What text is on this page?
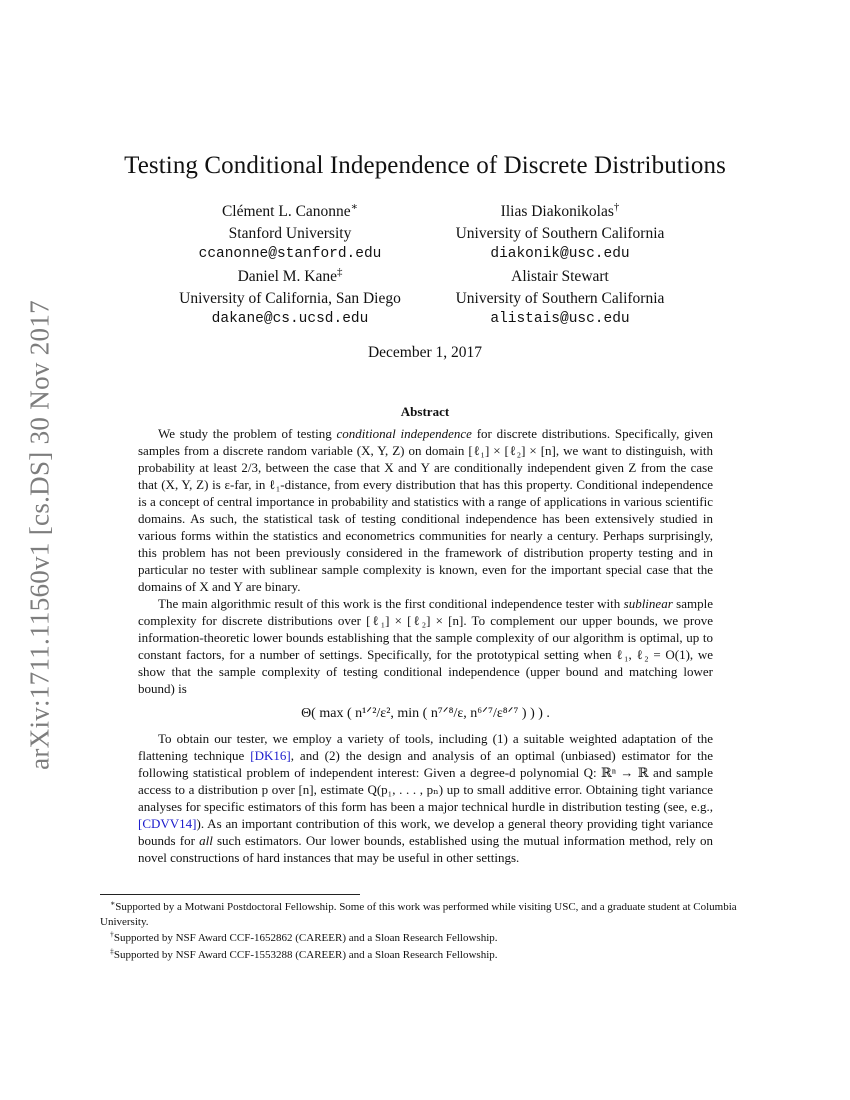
arXiv:1711.11560v1 [cs.DS] 30 Nov 2017
Testing Conditional Independence of Discrete Distributions
Clément L. Canonne∗
Stanford University
ccanonne@stanford.edu
Ilias Diakonikolas†
University of Southern California
diakonik@usc.edu
Daniel M. Kane‡
University of California, San Diego
dakane@cs.ucsd.edu
Alistair Stewart
University of Southern California
alistais@usc.edu
December 1, 2017
Abstract

We study the problem of testing conditional independence for discrete distributions. Specifically, given samples from a discrete random variable (X, Y, Z) on domain [ℓ₁] × [ℓ₂] × [n], we want to distinguish, with probability at least 2/3, between the case that X and Y are conditionally independent given Z from the case that (X, Y, Z) is ε-far, in ℓ₁-distance, from every distribution that has this property. Conditional independence is a concept of central importance in probability and statistics with a range of applications in various scientific domains. As such, the statistical task of testing conditional independence has been extensively studied in various forms within the statistics and econometrics communities for nearly a century. Perhaps surprisingly, this problem has not been previously considered in the framework of distribution property testing and in particular no tester with sublinear sample complexity is known, even for the important special case that the domains of X and Y are binary.

The main algorithmic result of this work is the first conditional independence tester with sublinear sample complexity for discrete distributions over [ℓ₁] × [ℓ₂] × [n]. To complement our upper bounds, we prove information-theoretic lower bounds establishing that the sample complexity of our algorithm is optimal, up to constant factors, for a number of settings. Specifically, for the prototypical setting when ℓ₁, ℓ₂ = O(1), we show that the sample complexity of testing conditional independence (upper bound and matching lower bound) is

Θ( max ( n¹ᐟ²/ε², min ( n⁷ᐟ⁸/ε, n⁶ᐟ⁷/ε⁸ᐟ⁷ ) ) ) .

To obtain our tester, we employ a variety of tools, including (1) a suitable weighted adaptation of the flattening technique [DK16], and (2) the design and analysis of an optimal (unbiased) estimator for the following statistical problem of independent interest: Given a degree-d polynomial Q: ℝⁿ → ℝ and sample access to a distribution p over [n], estimate Q(p₁, . . . , pₙ) up to small additive error. Obtaining tight variance analyses for specific estimators of this form has been a major technical hurdle in distribution testing (see, e.g., [CDVV14]). As an important contribution of this work, we develop a general theory providing tight variance bounds for all such estimators. Our lower bounds, established using the mutual information method, rely on novel constructions of hard instances that may be useful in other settings.

∗Supported by a Motwani Postdoctoral Fellowship. Some of this work was performed while visiting USC, and a graduate student at Columbia University.

†Supported by NSF Award CCF-1652862 (CAREER) and a Sloan Research Fellowship.

‡Supported by NSF Award CCF-1553288 (CAREER) and a Sloan Research Fellowship.
